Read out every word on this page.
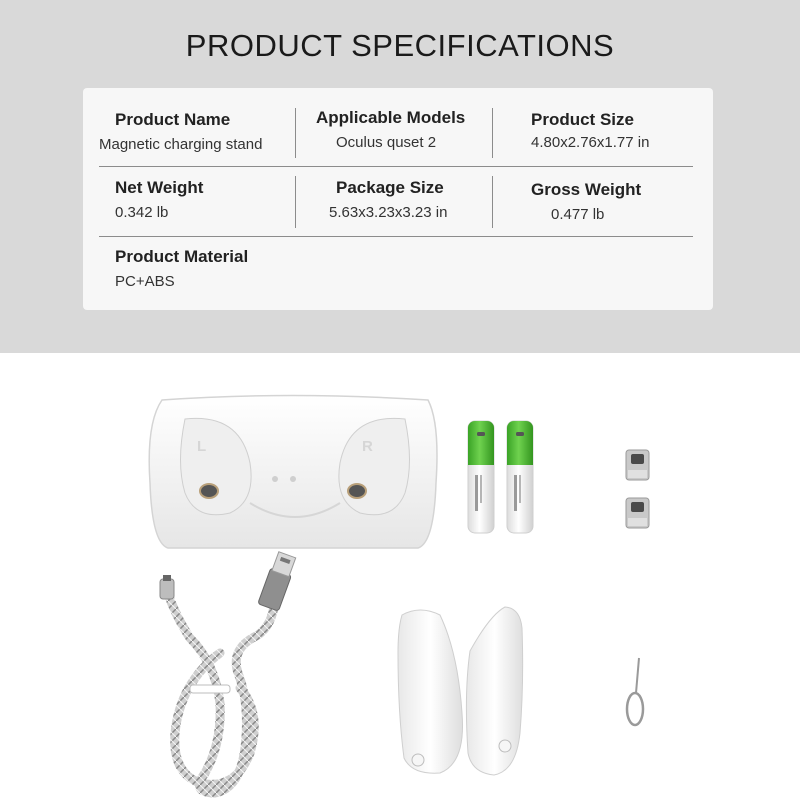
PRODUCT SPECIFICATIONS
Product Name
Magnetic charging stand
Applicable Models
Oculus quset 2
Product Size
4.80x2.76x1.77 in
Net Weight
0.342 lb
Package Size
5.63x3.23x3.23 in
Gross Weight
0.477 lb
Product Material
PC+ABS
L	R
